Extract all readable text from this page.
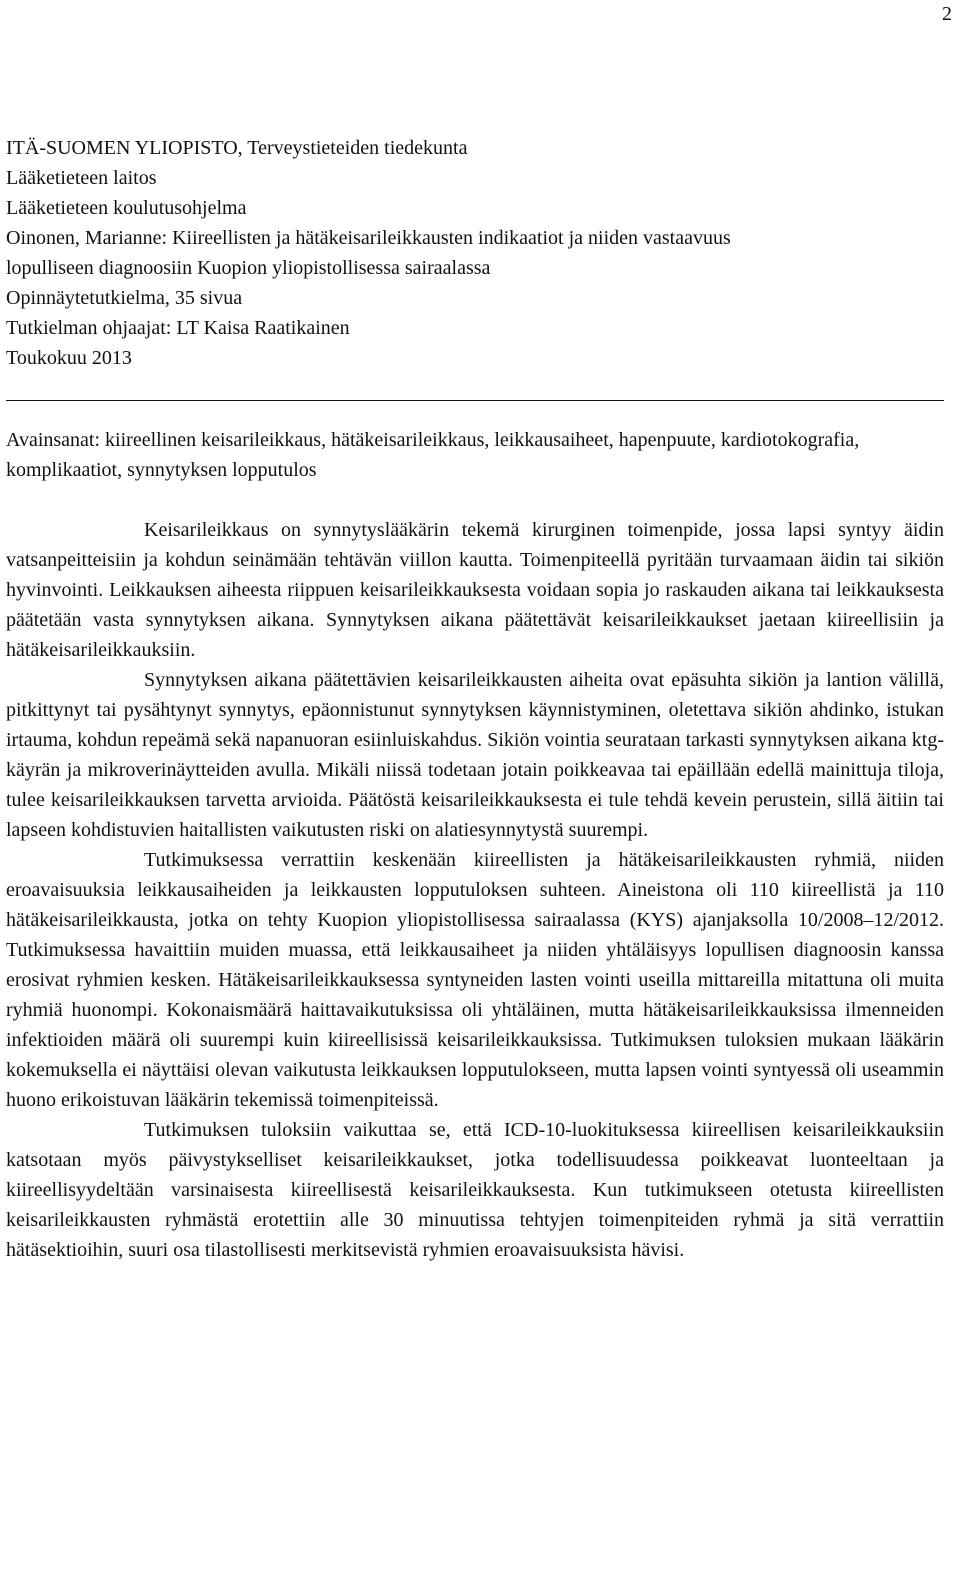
2
ITÄ-SUOMEN YLIOPISTO, Terveystieteiden tiedekunta
Lääketieteen laitos
Lääketieteen koulutusohjelma
Oinonen, Marianne: Kiireellisten ja hätäkeisarileikkausten indikaatiot ja niiden vastaavuus
lopulliseen diagnoosiin Kuopion yliopistollisessa sairaalassa
Opinnäytetutkielma, 35 sivua
Tutkielman ohjaajat: LT Kaisa Raatikainen
Toukokuu 2013
Avainsanat: kiireellinen keisarileikkaus, hätäkeisarileikkaus, leikkausaiheet, hapenpuute, kardiotokografia, komplikaatiot, synnytyksen lopputulos

Keisarileikkaus on synnytyslääkärin tekemä kirurginen toimenpide, jossa lapsi syntyy äidin vatsanpeitteisiin ja kohdun seinämään tehtävän viillon kautta. Toimenpiteellä pyritään turvaamaan äidin tai sikiön hyvinvointi. Leikkauksen aiheesta riippuen keisarileikkauksesta voidaan sopia jo raskauden aikana tai leikkauksesta päätetään vasta synnytyksen aikana. Synnytyksen aikana päätettävät keisarileikkaukset jaetaan kiireellisiin ja hätäkeisarileikkauksiin.

Synnytyksen aikana päätettävien keisarileikkausten aiheita ovat epäsuhta sikiön ja lantion välillä, pitkittynyt tai pysähtynyt synnytys, epäonnistunut synnytyksen käynnistyminen, oletettava sikiön ahdinko, istukan irtauma, kohdun repeämä sekä napanuoran esiinluiskahdus. Sikiön vointia seurataan tarkasti synnytyksen aikana ktg-käyrän ja mikroverinäytteiden avulla. Mikäli niissä todetaan jotain poikkeavaa tai epäillään edellä mainittuja tiloja, tulee keisarileikkauksen tarvetta arvioida. Päätöstä keisarileikkauksesta ei tule tehdä kevein perustein, sillä äitiin tai lapseen kohdistuvien haitallisten vaikutusten riski on alatiesynnytystä suurempi.

Tutkimuksessa verrattiin keskenään kiireellisten ja hätäkeisarileikkausten ryhmiä, niiden eroavaisuuksia leikkausaiheiden ja leikkausten lopputuloksen suhteen. Aineistona oli 110 kiireellistä ja 110 hätäkeisarileikkausta, jotka on tehty Kuopion yliopistollisessa sairaalassa (KYS) ajanjaksolla 10/2008–12/2012. Tutkimuksessa havaittiin muiden muassa, että leikkausaiheet ja niiden yhtäläisyys lopullisen diagnoosin kanssa erosivat ryhmien kesken. Hätäkeisarileikkauksessa syntyneiden lasten vointi useilla mittareilla mitattuna oli muita ryhmiä huonompi. Kokonaismäärä haittavaikutuksissa oli yhtäläinen, mutta hätäkeisarileikkauksissa ilmenneiden infektioiden määrä oli suurempi kuin kiireellisissä keisarileikkauksissa. Tutkimuksen tuloksien mukaan lääkärin kokemuksella ei näyttäisi olevan vaikutusta leikkauksen lopputulokseen, mutta lapsen vointi syntyessä oli useammin huono erikoistuvan lääkärin tekemissä toimenpiteissä.

Tutkimuksen tuloksiin vaikuttaa se, että ICD-10-luokituksessa kiireellisen keisarileikkauksiin katsotaan myös päivystykselliset keisarileikkaukset, jotka todellisuudessa poikkeavat luonteeltaan ja kiireellisyydeltään varsinaisesta kiireellisestä keisarileikkauksesta. Kun tutkimukseen otetusta kiireellisten keisarileikkausten ryhmästä erotettiin alle 30 minuutissa tehtyjen toimenpiteiden ryhmä ja sitä verrattiin hätäsektioihin, suuri osa tilastollisesti merkitsevistä ryhmien eroavaisuuksista hävisi.
